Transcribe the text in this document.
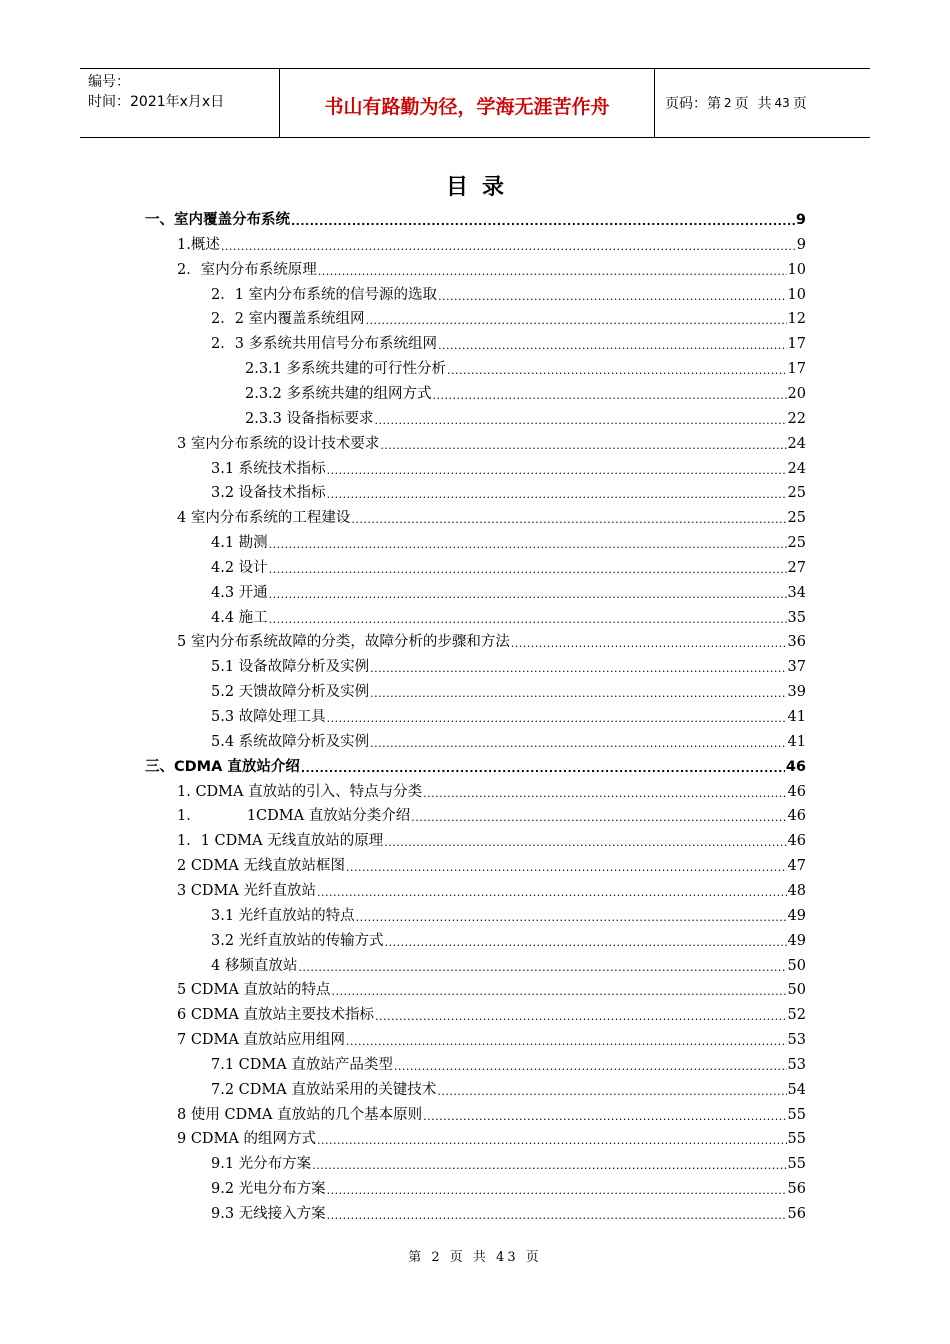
编号：
时间：2021年x月x日	书山有路勤为径，学海无涯苦作舟	页码：第 2 页  共 43 页
目录
一、室内覆盖分布系统 .....	9
1.概述 .....	9
2．室内分布系统原理 .....	10
2．1 室内分布系统的信号源的选取 .....	10
2．2 室内覆盖系统组网 .....	12
2．3 多系统共用信号分布系统组网 .....	17
2.3.1 多系统共建的可行性分析 .....	17
2.3.2 多系统共建的组网方式 .....	20
2.3.3 设备指标要求 .....	22
3 室内分布系统的设计技术要求 .....	24
3.1 系统技术指标 .....	24
3.2 设备技术指标 .....	25
4 室内分布系统的工程建设 .....	25
4.1 勘测 .....	25
4.2 设计 .....	27
4.3 开通 .....	34
4.4 施工 .....	35
5 室内分布系统故障的分类，故障分析的步骤和方法 .....	36
5.1 设备故障分析及实例 .....	37
5.2 天馈故障分析及实例 .....	39
5.3 故障处理工具 .....	41
5.4 系统故障分析及实例 .....	41
三、CDMA 直放站介绍 .....	46
1. CDMA 直放站的引入、特点与分类 .....	46
1．          1CDMA 直放站分类介绍 .....	46
1．1 CDMA 无线直放站的原理 .....	46
2 CDMA 无线直放站框图 .....	47
3 CDMA 光纤直放站 .....	48
3.1 光纤直放站的特点 .....	49
3.2 光纤直放站的传输方式 .....	49
4 移频直放站 .....	50
5 CDMA 直放站的特点 .....	50
6 CDMA 直放站主要技术指标 .....	52
7 CDMA 直放站应用组网 .....	53
7.1 CDMA 直放站产品类型 .....	53
7.2 CDMA 直放站采用的关键技术 .....	54
8 使用 CDMA 直放站的几个基本原则 .....	55
9 CDMA 的组网方式 .....	55
9.1 光分布方案 .....	55
9.2 光电分布方案 .....	56
9.3 无线接入方案 .....	56
第 2 页 共 43 页
